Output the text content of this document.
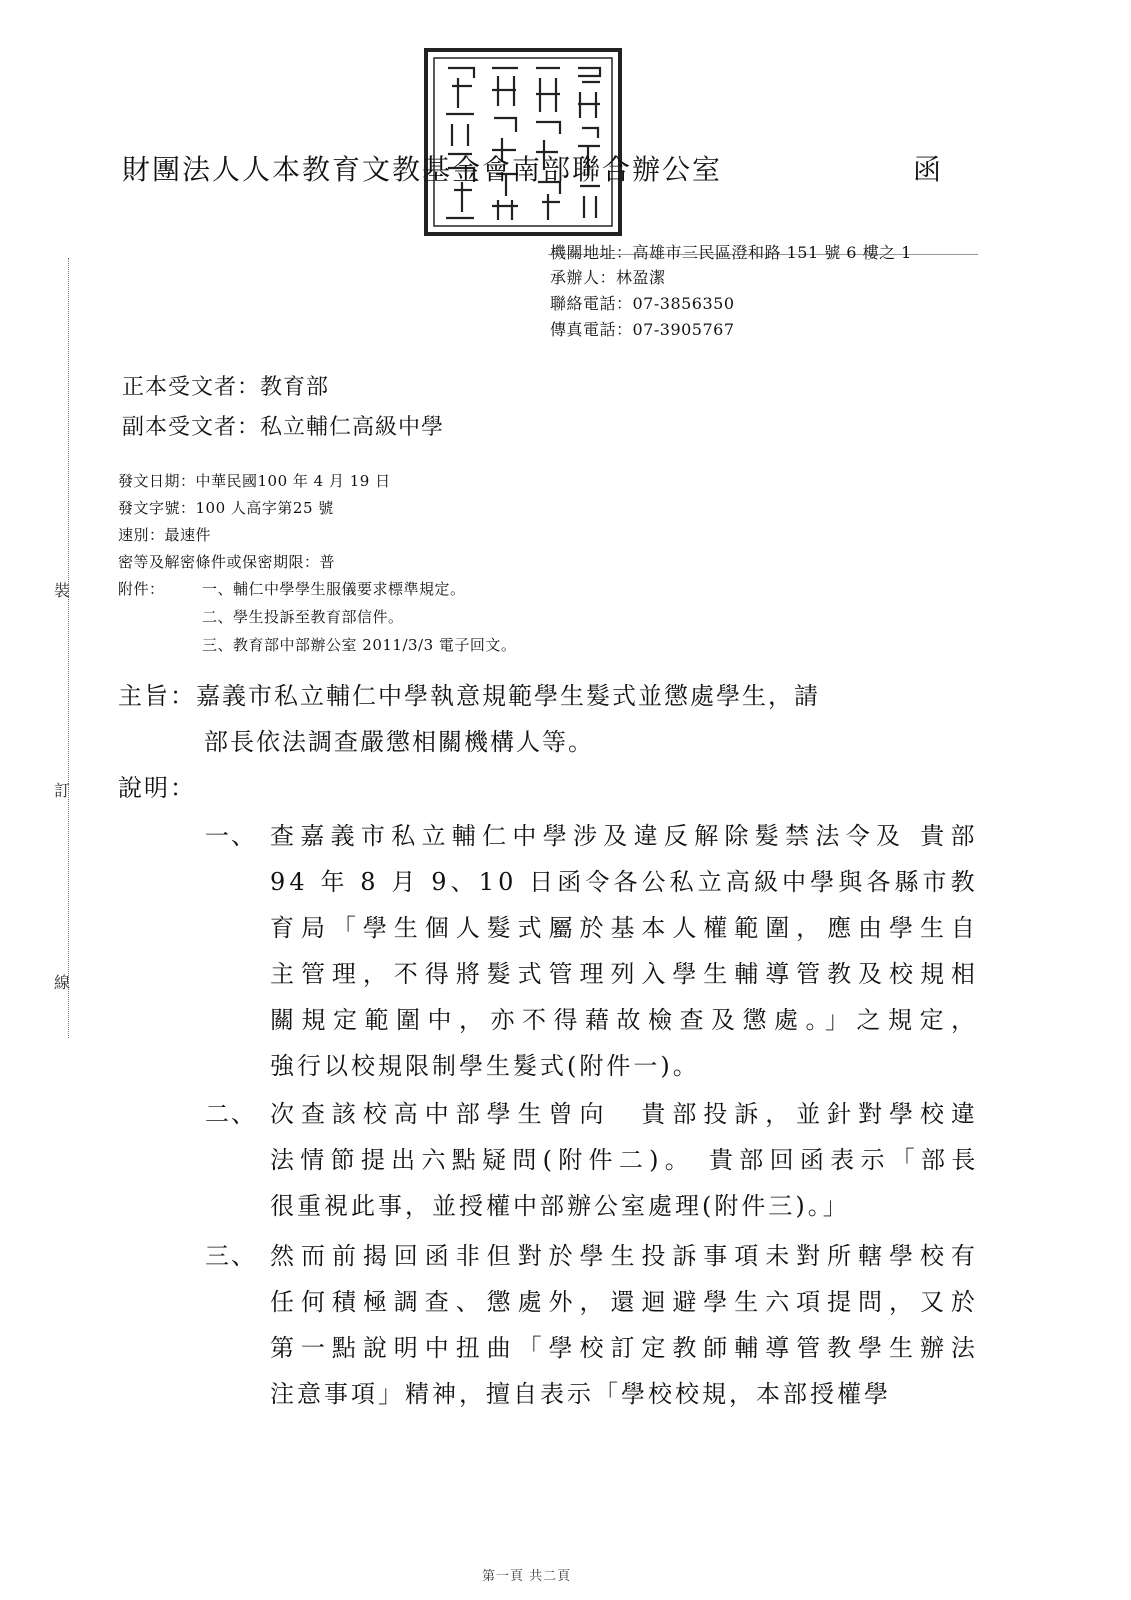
裝
訂
線
財團法人人本教育文教基金會南部聯合辦公室	函
機關地址：高雄市三民區澄和路 151 號 6 樓之 1
承辦人：林盈潔
聯絡電話：07-3856350
傳真電話：07-3905767
正本受文者：教育部
副本受文者：私立輔仁高級中學
發文日期：中華民國100 年 4 月 19 日
發文字號：100 人高字第25 號
速別：最速件
密等及解密條件或保密期限：普
附件： 一、輔仁中學學生服儀要求標準規定。
二、學生投訴至教育部信件。
三、教育部中部辦公室 2011/3/3 電子回文。
主旨：嘉義市私立輔仁中學執意規範學生髮式並懲處學生，請
部長依法調查嚴懲相關機構人等。
說明：
一、 查嘉義市私立輔仁中學涉及違反解除髮禁法令及 貴部
94 年 8 月 9、10 日函令各公私立高級中學與各縣市教
育局「學生個人髮式屬於基本人權範圍，應由學生自
主管理，不得將髮式管理列入學生輔導管教及校規相
關規定範圍中，亦不得藉故檢查及懲處。」之規定，
強行以校規限制學生髮式(附件一)。
二、 次查該校高中部學生曾向　貴部投訴，並針對學校違
法情節提出六點疑問(附件二)。 貴部回函表示「部長
很重視此事，並授權中部辦公室處理(附件三)。」
三、 然而前揭回函非但對於學生投訴事項未對所轄學校有
任何積極調查、懲處外，還迴避學生六項提問，又於
第一點說明中扭曲「學校訂定教師輔導管教學生辦法
注意事項」精神，擅自表示「學校校規，本部授權學
第一頁 共二頁
